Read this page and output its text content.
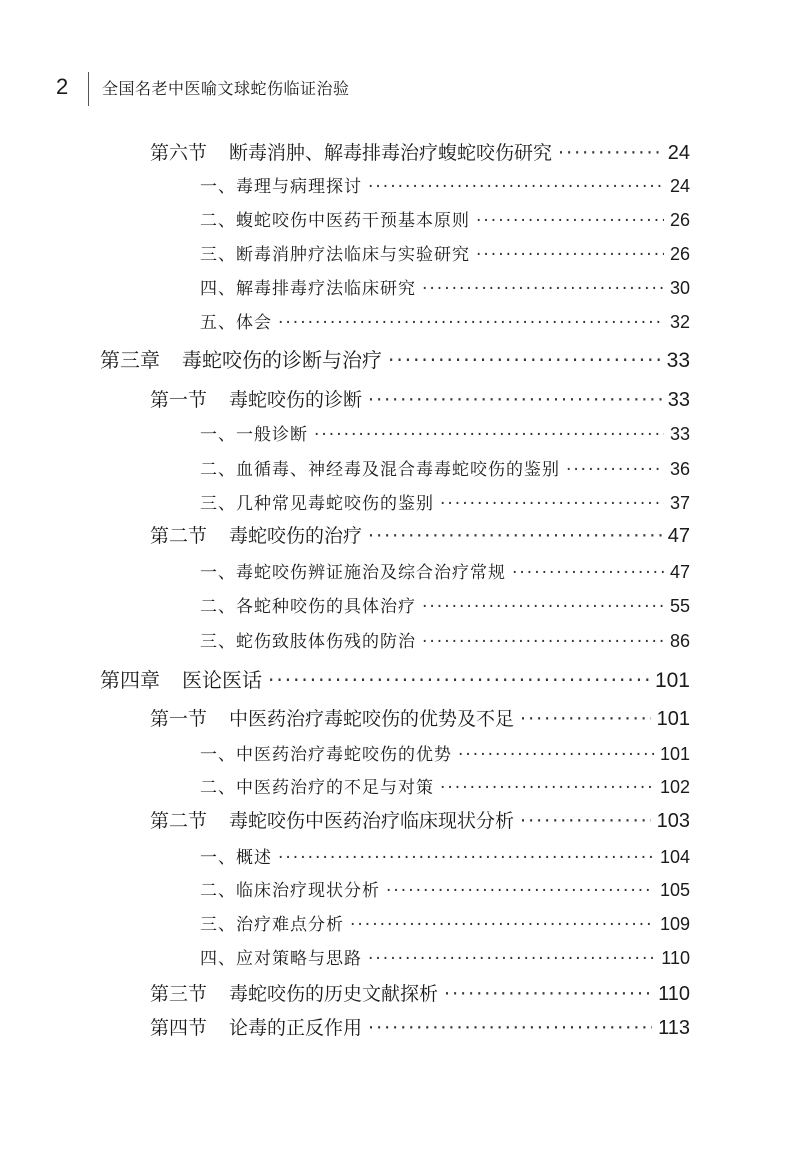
2 全国名老中医喻文球蛇伤临证治验
第六节 断毒消肿、解毒排毒治疗蝮蛇咬伤研究 ·····	24
一、毒理与病理探讨 ·····	24
二、蝮蛇咬伤中医药干预基本原则 ·····	26
三、断毒消肿疗法临床与实验研究 ·····	26
四、解毒排毒疗法临床研究 ·····	30
五、体会 ·····	32
第三章 毒蛇咬伤的诊断与治疗 ·····	33
第一节 毒蛇咬伤的诊断 ·····	33
一、一般诊断 ·····	33
二、血循毒、神经毒及混合毒毒蛇咬伤的鉴别 ·····	36
三、几种常见毒蛇咬伤的鉴别 ·····	37
第二节 毒蛇咬伤的治疗 ·····	47
一、毒蛇咬伤辨证施治及综合治疗常规 ·····	47
二、各蛇种咬伤的具体治疗 ·····	55
三、蛇伤致肢体伤残的防治 ·····	86
第四章 医论医话 ·····	101
第一节 中医药治疗毒蛇咬伤的优势及不足 ·····	101
一、中医药治疗毒蛇咬伤的优势 ·····	101
二、中医药治疗的不足与对策 ·····	102
第二节 毒蛇咬伤中医药治疗临床现状分析 ·····	103
一、概述 ·····	104
二、临床治疗现状分析 ·····	105
三、治疗难点分析 ·····	109
四、应对策略与思路 ·····	110
第三节 毒蛇咬伤的历史文献探析 ·····	110
第四节 论毒的正反作用 ·····	113
